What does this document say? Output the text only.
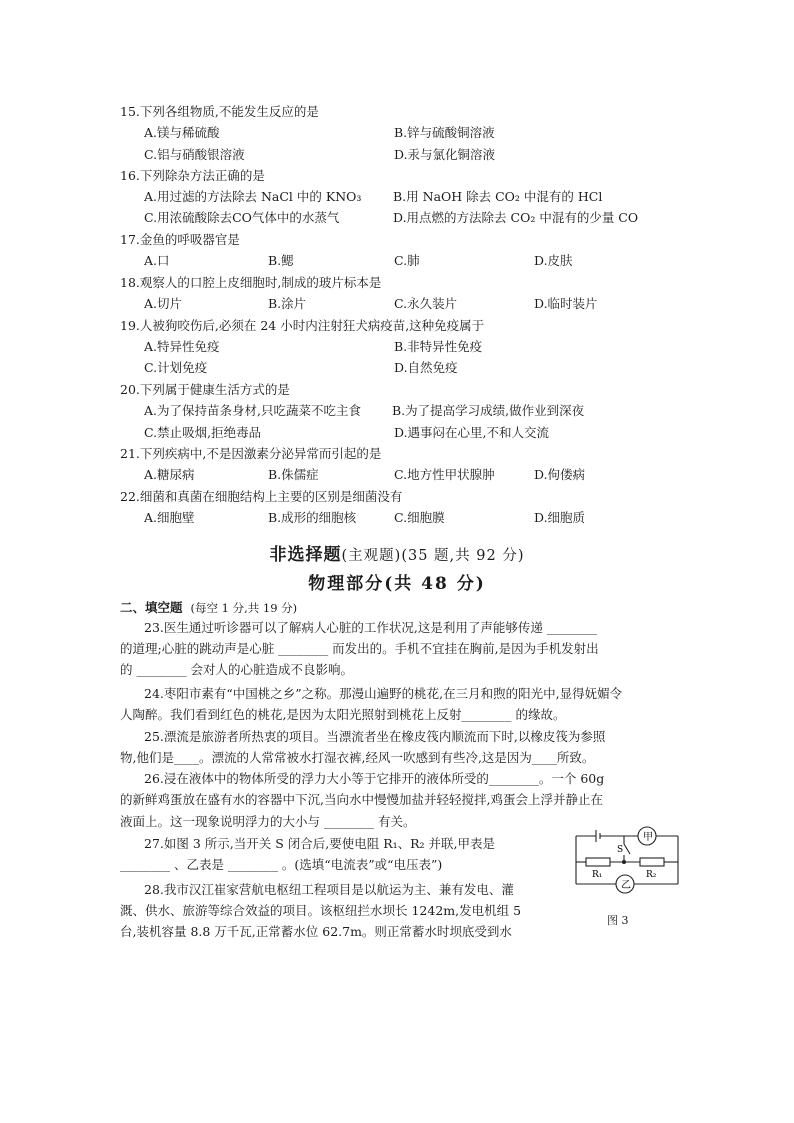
15.下列各组物质,不能发生反应的是
A.镁与稀硫酸	B.锌与硫酸铜溶液
C.铝与硝酸银溶液	D.汞与氯化铜溶液
16.下列除杂方法正确的是
A.用过滤的方法除去 NaCl 中的 KNO₃	B.用 NaOH 除去 CO₂ 中混有的 HCl
C.用浓硫酸除去CO气体中的水蒸气	D.用点燃的方法除去 CO₂ 中混有的少量 CO
17.金鱼的呼吸器官是
A.口	B.鳃	C.肺	D.皮肤
18.观察人的口腔上皮细胞时,制成的玻片标本是
A.切片	B.涂片	C.永久装片	D.临时装片
19.人被狗咬伤后,必须在 24 小时内注射狂犬病疫苗,这种免疫属于
A.特异性免疫	B.非特异性免疫
C.计划免疫	D.自然免疫
20.下列属于健康生活方式的是
A.为了保持苗条身材,只吃蔬菜不吃主食 B.为了提高学习成绩,做作业到深夜
C.禁止吸烟,拒绝毒品	D.遇事闷在心里,不和人交流
21.下列疾病中,不是因激素分泌异常而引起的是
A.糖尿病	B.侏儒症	C.地方性甲状腺肿	D.佝偻病
22.细菌和真菌在细胞结构上主要的区别是细菌没有
A.细胞壁	B.成形的细胞核	C.细胞膜	D.细胞质
非选择题(主观题)(35 题,共 92 分)
物理部分(共 48 分)
二、填空题 (每空 1 分,共 19 分)
23.医生通过听诊器可以了解病人心脏的工作状况,这是利用了声能够传递 ________
的道理;心脏的跳动声是心脏 ________ 而发出的。手机不宜挂在胸前,是因为手机发射出
的 ________ 会对人的心脏造成不良影响。
24.枣阳市素有“中国桃之乡”之称。那漫山遍野的桃花,在三月和煦的阳光中,显得妩媚令
人陶醉。我们看到红色的桃花,是因为太阳光照射到桃花上反射________ 的缘故。
25.漂流是旅游者所热衷的项目。当漂流者坐在橡皮筏内顺流而下时,以橡皮筏为参照
物,他们是____。漂流的人常常被水打湿衣裤,经风一吹感到有些冷,这是因为____所致。
26.浸在液体中的物体所受的浮力大小等于它排开的液体所受的________。一个 60g
的新鲜鸡蛋放在盛有水的容器中下沉,当向水中慢慢加盐并轻轻搅拌,鸡蛋会上浮并静止在
液面上。这一现象说明浮力的大小与 ________ 有关。
27.如图 3 所示,当开关 S 闭合后,要使电阻 R₁、R₂ 并联,甲表是
________ 、乙表是 ________ 。(选填“电流表”或“电压表”)
28.我市汉江崔家营航电枢纽工程项目是以航运为主、兼有发电、灌
溉、供水、旅游等综合效益的项目。该枢纽拦水坝长 1242m,发电机组 5
台,装机容量 8.8 万千瓦,正常蓄水位 62.7m。则正常蓄水时坝底受到水
甲
乙
S
R₁	R₂
图 3
